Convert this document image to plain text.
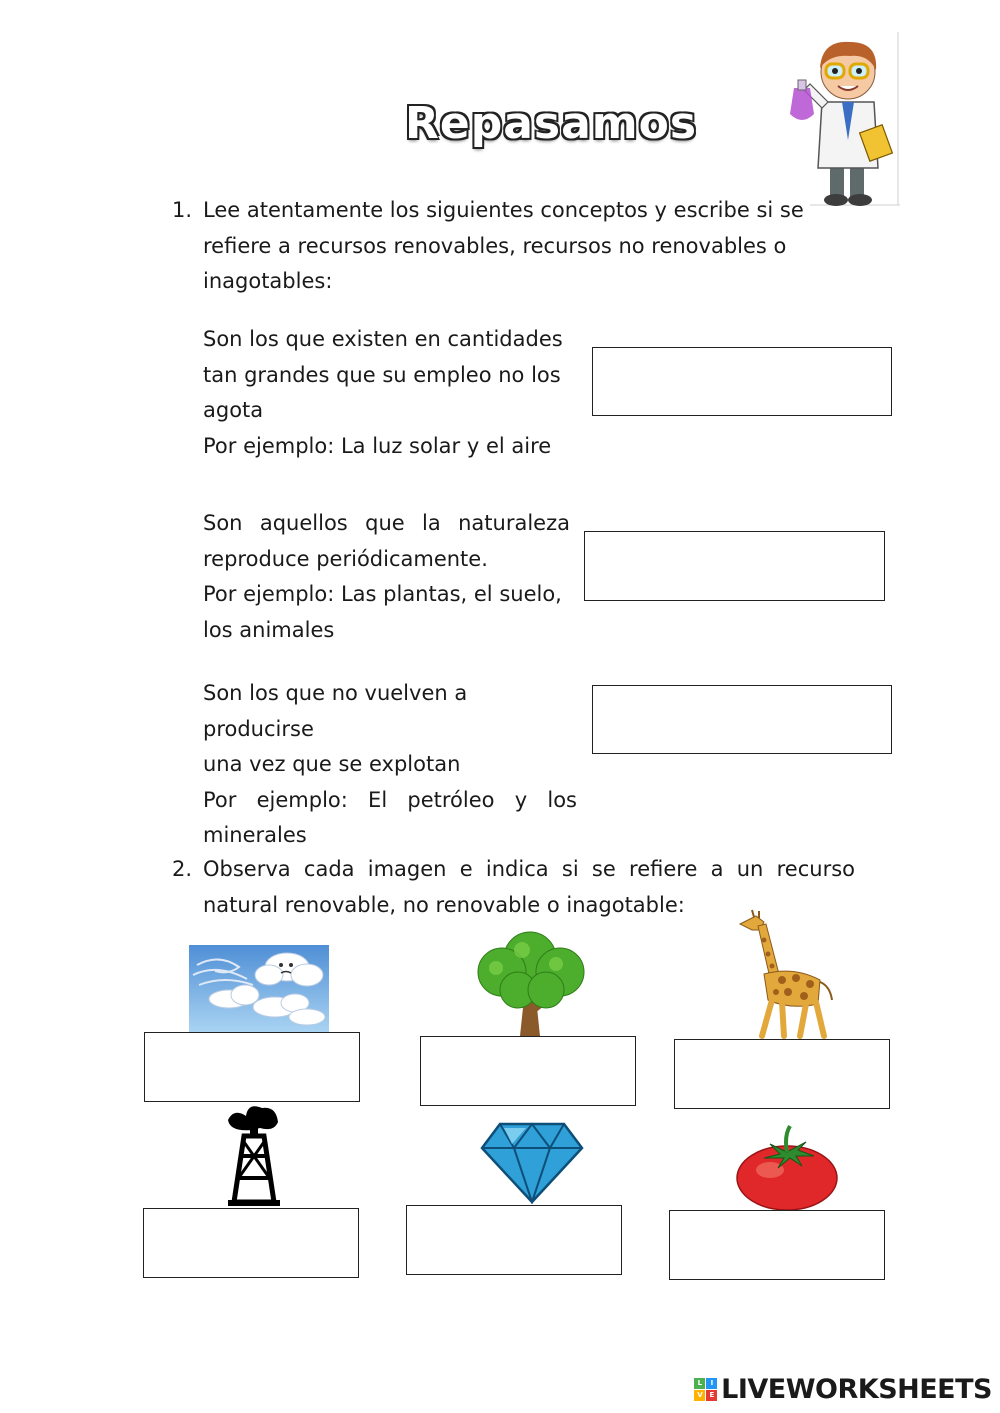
Repasamos
1. Lee atentamente los siguientes conceptos y escribe si se
refiere a recursos renovables, recursos no renovables o
inagotables:
Son los que existen en cantidades
tan grandes que su empleo no los
agota
Por ejemplo: La luz solar y el aire
Son aquellos que la naturaleza
reproduce periódicamente.
Por ejemplo: Las plantas, el suelo,
los animales
Son los que no vuelven a producirse
una vez que se explotan
Por ejemplo: El petróleo y los
minerales
2. Observa cada imagen e indica si se refiere a un recurso
natural renovable, no renovable o inagotable:
L	I
V	E LIVEWORKSHEETS
